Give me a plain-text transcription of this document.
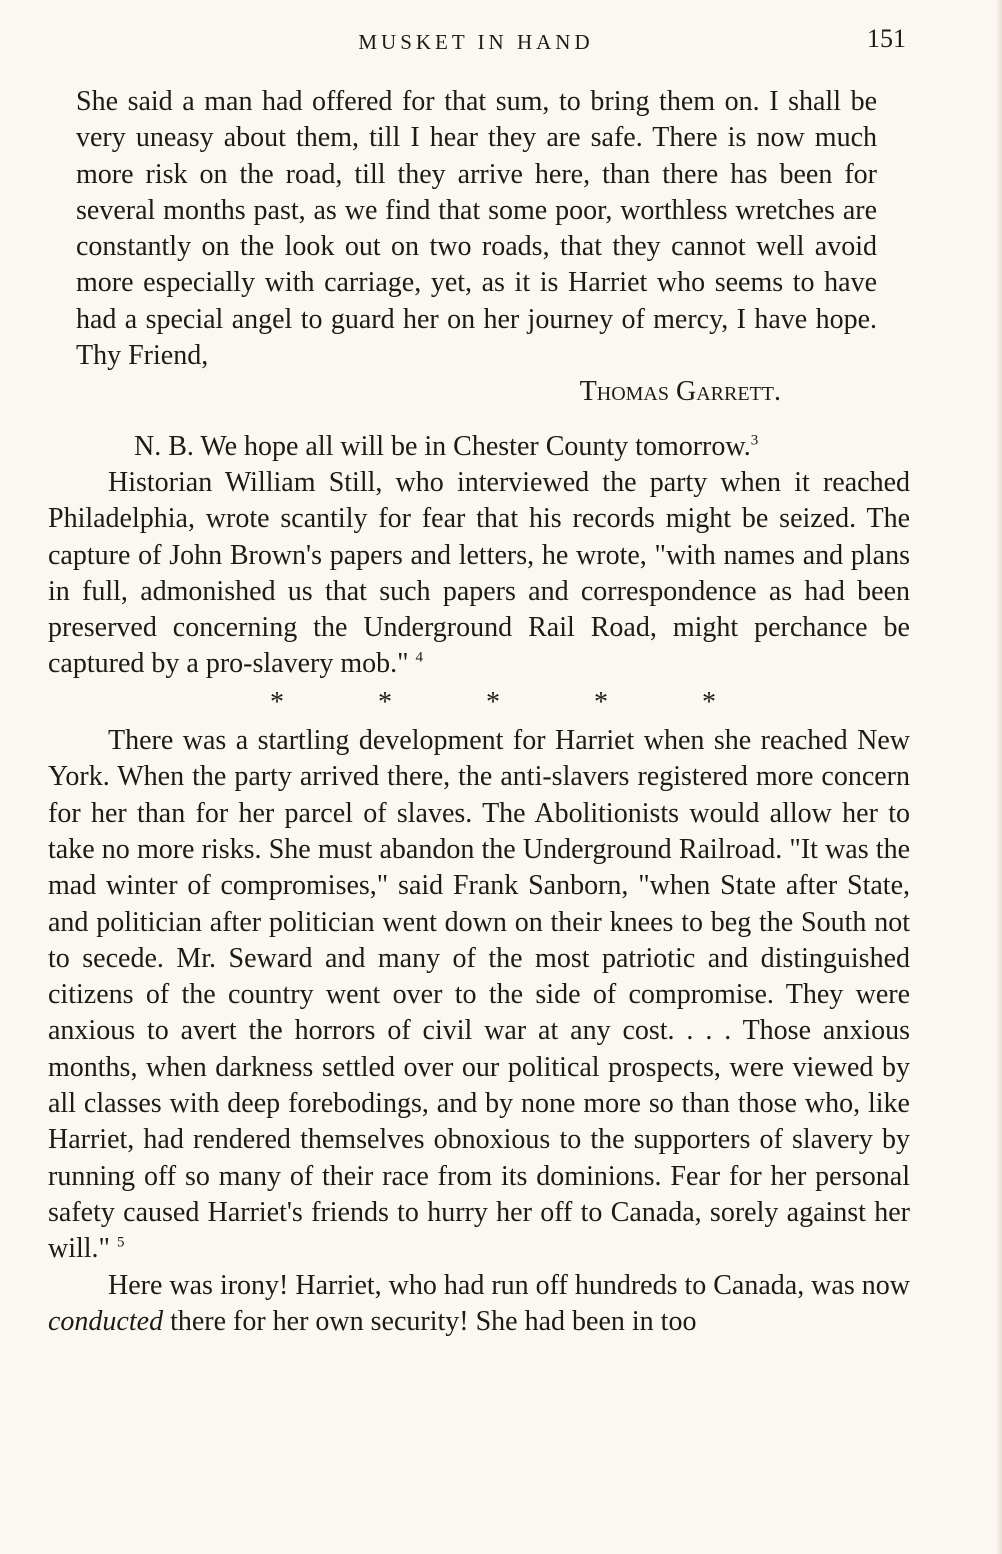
MUSKET IN HAND	151

She said a man had offered for that sum, to bring them on. I shall be very uneasy about them, till I hear they are safe. There is now much more risk on the road, till they arrive here, than there has been for several months past, as we find that some poor, worthless wretches are constantly on the look out on two roads, that they cannot well avoid more especially with carriage, yet, as it is Harriet who seems to have had a special angel to guard her on her journey of mercy, I have hope. Thy Friend,

Thomas Garrett.

N. B. We hope all will be in Chester County tomorrow.$^3$

Historian William Still, who interviewed the party when it reached Philadelphia, wrote scantily for fear that his records might be seized. The capture of John Brown's papers and letters, he wrote, "with names and plans in full, admonished us that such papers and correspondence as had been preserved concerning the Underground Rail Road, might perchance be captured by a pro-slavery mob." $^4$

*	*	*	*	*

There was a startling development for Harriet when she reached New York. When the party arrived there, the anti-slavers registered more concern for her than for her parcel of slaves. The Abolitionists would allow her to take no more risks. She must abandon the Underground Railroad. "It was the mad winter of compromises," said Frank Sanborn, "when State after State, and politician after politician went down on their knees to beg the South not to secede. Mr. Seward and many of the most patriotic and distinguished citizens of the country went over to the side of compromise. They were anxious to avert the horrors of civil war at any cost. . . . Those anxious months, when darkness settled over our political prospects, were viewed by all classes with deep forebodings, and by none more so than those who, like Harriet, had rendered themselves obnoxious to the supporters of slavery by running off so many of their race from its dominions. Fear for her personal safety caused Harriet's friends to hurry her off to Canada, sorely against her will." $^5$

Here was irony! Harriet, who had run off hundreds to Canada, was now conducted there for her own security! She had been in too
